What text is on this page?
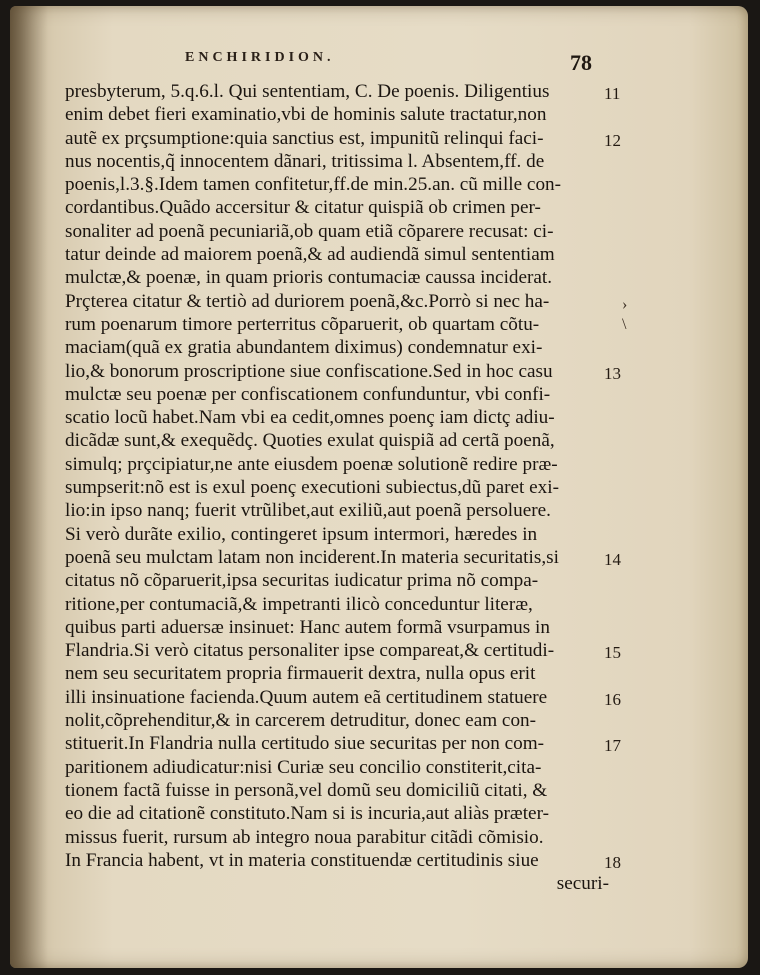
ENCHIRIDION.	78
presbyterum, 5.q.6.l. Qui sententiam, C. De poenis. Diligentius
enim debet fieri examinatio,vbi de hominis salute tractatur,non
autẽ ex prçsumptione:quia sanctius est, impunitũ relinqui faci-
nus nocentis,q̃ innocentem dãnari, tritissima l. Absentem,ff. de
poenis,l.3.§.Idem tamen confitetur,ff.de min.25.an. cũ mille con-
cordantibus.Quãdo accersitur & citatur quispiã ob crimen per-
sonaliter ad poenã pecuniariã,ob quam etiã cõparere recusat: ci-
tatur deinde ad maiorem poenã,& ad audiendã simul sententiam
mulctæ,& poenæ, in quam prioris contumaciæ caussa inciderat.
Prçterea citatur & tertiò ad duriorem poenã,&c.Porrò si nec ha-
rum poenarum timore perterritus cõparuerit, ob quartam cõtu-
maciam(quã ex gratia abundantem diximus) condemnatur exi-
lio,& bonorum proscriptione siue confiscatione.Sed in hoc casu
mulctæ seu poenæ per confiscationem confunduntur, vbi confi-
scatio locũ habet.Nam vbi ea cedit,omnes poenç iam dictç adiu-
dicãdæ sunt,& exequẽdç. Quoties exulat quispiã ad certã poenã,
simulq; prçcipiatur,ne ante eiusdem poenæ solutionẽ redire præ-
sumpserit:nõ est is exul poenç executioni subiectus,dũ paret exi-
lio:in ipso nanq; fuerit vtrũlibet,aut exiliũ,aut poenã persoluere.
Si verò durãte exilio, contingeret ipsum intermori, hæredes in
poenã seu mulctam latam non inciderent.In materia securitatis,si
citatus nõ cõparuerit,ipsa securitas iudicatur prima nõ compa-
ritione,per contumaciã,& impetranti ilicò conceduntur literæ,
quibus parti aduersæ insinuet: Hanc autem formã vsurpamus in
Flandria.Si verò citatus personaliter ipse compareat,& certitudi-
nem seu securitatem propria firmauerit dextra, nulla opus erit
illi insinuatione facienda.Quum autem eã certitudinem statuere
nolit,cõprehenditur,& in carcerem detruditur, donec eam con-
stituerit.In Flandria nulla certitudo siue securitas per non com-
paritionem adiudicatur:nisi Curiæ seu concilio constiterit,cita-
tionem factã fuisse in personã,vel domũ seu domiciliũ citati, &
eo die ad citationẽ constituto.Nam si is incuria,aut aliàs præter-
missus fuerit, rursum ab integro noua parabitur citãdi cõmisio.
In Francia habent, vt in materia constituendæ certitudinis siue
securi-
11
12
13
14
15
16
17
18
›
\
